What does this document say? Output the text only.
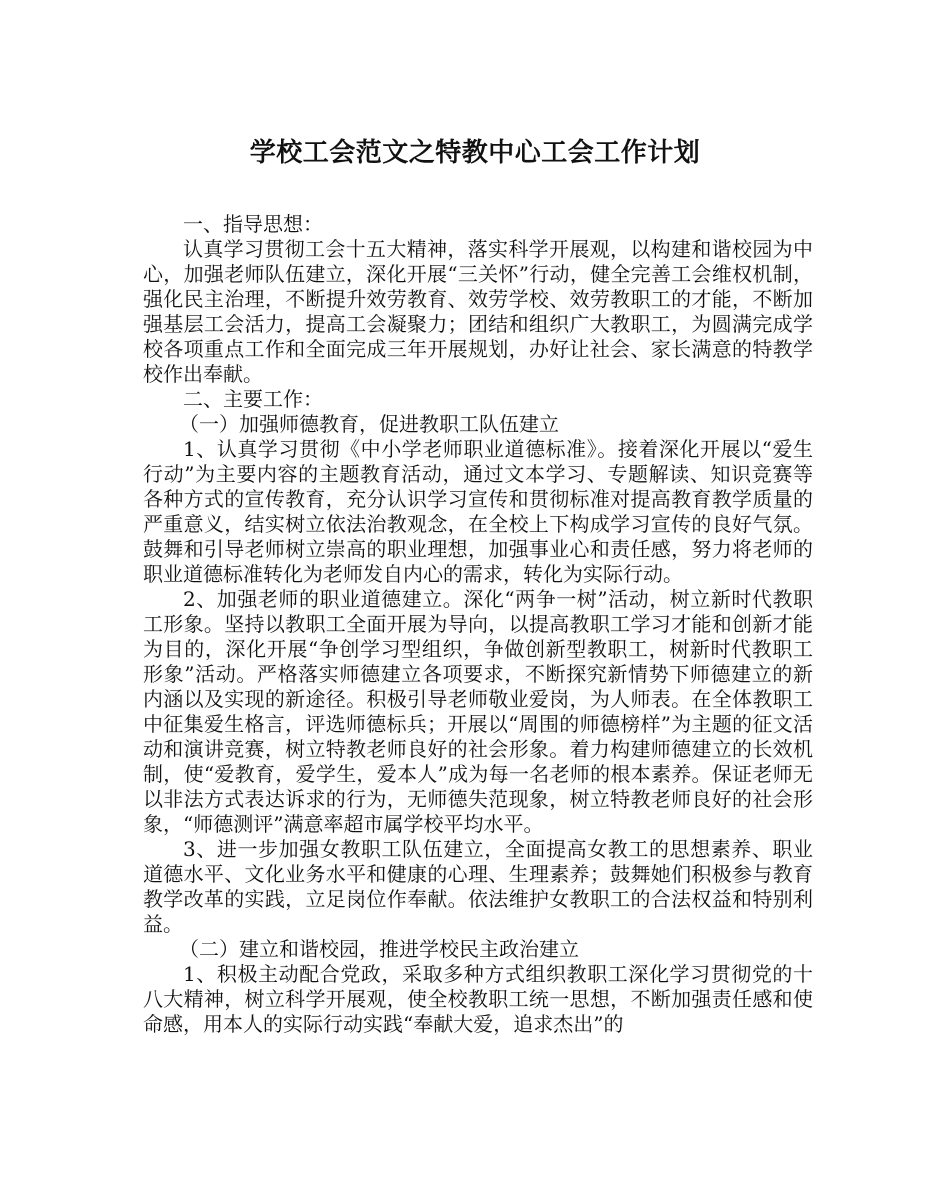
学校工会范文之特教中心工会工作计划

一、指导思想：

认真学习贯彻工会十五大精神，落实科学开展观，以构建和谐校园为中心，加强老师队伍建立，深化开展“三关怀”行动，健全完善工会维权机制，强化民主治理，不断提升效劳教育、效劳学校、效劳教职工的才能，不断加强基层工会活力，提高工会凝聚力；团结和组织广大教职工，为圆满完成学校各项重点工作和全面完成三年开展规划，办好让社会、家长满意的特教学校作出奉献。

二、主要工作：

（一）加强师德教育，促进教职工队伍建立

1、认真学习贯彻《中小学老师职业道德标准》。接着深化开展以“爱生行动”为主要内容的主题教育活动，通过文本学习、专题解读、知识竞赛等各种方式的宣传教育，充分认识学习宣传和贯彻标准对提高教育教学质量的严重意义，结实树立依法治教观念，在全校上下构成学习宣传的良好气氛。鼓舞和引导老师树立崇高的职业理想，加强事业心和责任感，努力将老师的职业道德标准转化为老师发自内心的需求，转化为实际行动。

2、加强老师的职业道德建立。深化“两争一树”活动，树立新时代教职工形象。坚持以教职工全面开展为导向，以提高教职工学习才能和创新才能为目的，深化开展“争创学习型组织，争做创新型教职工，树新时代教职工形象”活动。严格落实师德建立各项要求，不断探究新情势下师德建立的新内涵以及实现的新途径。积极引导老师敬业爱岗，为人师表。在全体教职工中征集爱生格言，评选师德标兵；开展以“周围的师德榜样”为主题的征文活动和演讲竞赛，树立特教老师良好的社会形象。着力构建师德建立的长效机制，使“爱教育，爱学生，爱本人”成为每一名老师的根本素养。保证老师无以非法方式表达诉求的行为，无师德失范现象，树立特教老师良好的社会形象，“师德测评”满意率超市属学校平均水平。

3、进一步加强女教职工队伍建立，全面提高女教工的思想素养、职业道德水平、文化业务水平和健康的心理、生理素养；鼓舞她们积极参与教育教学改革的实践，立足岗位作奉献。依法维护女教职工的合法权益和特别利益。

（二）建立和谐校园，推进学校民主政治建立

1、积极主动配合党政，采取多种方式组织教职工深化学习贯彻党的十八大精神，树立科学开展观，使全校教职工统一思想，不断加强责任感和使命感，用本人的实际行动实践“奉献大爱，追求杰出”的
